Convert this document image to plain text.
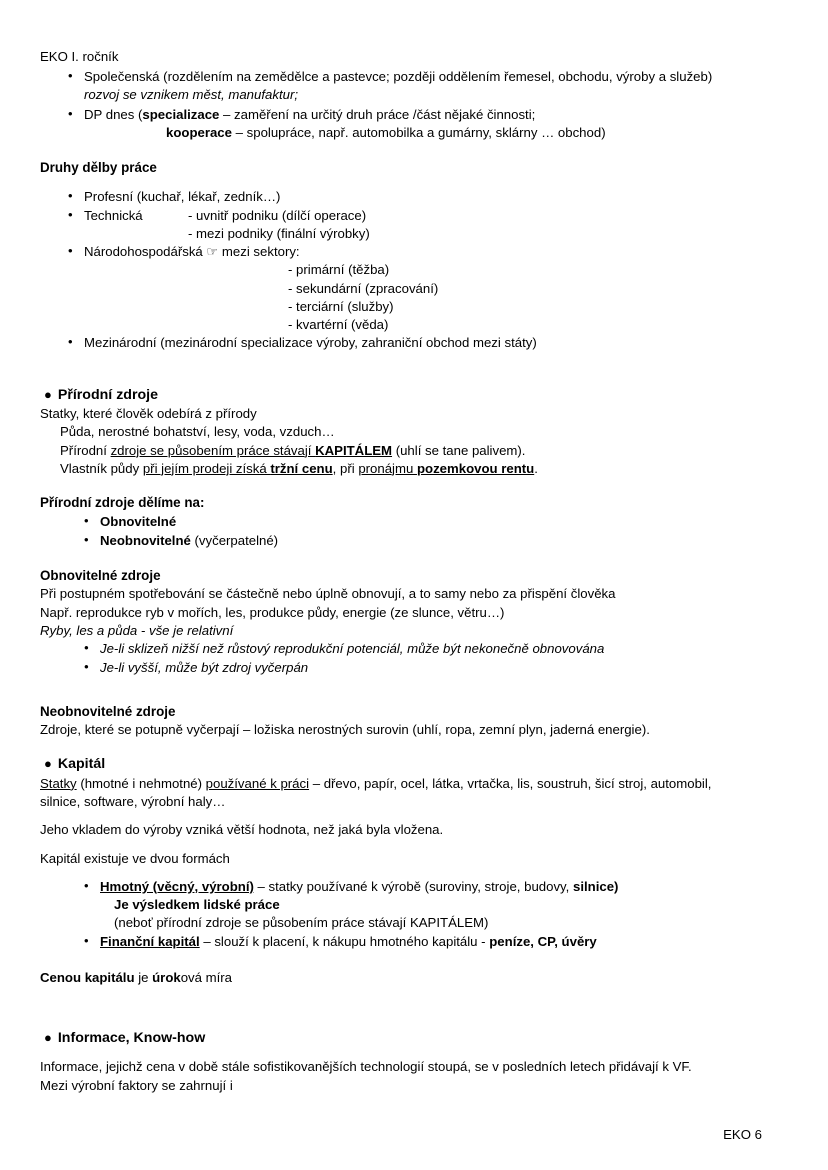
EKO I. ročník
• Společenská (rozdělením na zemědělce a pastevce; později oddělením řemesel, obchodu, výroby a služeb)
rozvoj se vznikem měst, manufaktur;
• DP dnes (specializace – zaměření na určitý druh práce /část nějaké činnosti;
kooperace – spolupráce, např. automobilka a gumárny, sklárny … obchod)
Druhy dělby práce
• Profesní (kuchař, lékař, zedník…)
• Technická	- uvnitř podniku (dílčí operace)
- mezi podniky (finální výrobky)
• Národohospodářská ☞ mezi sektory:
- primární (těžba)
- sekundární (zpracování)
- terciární (služby)
- kvartérní (věda)
• Mezinárodní (mezinárodní specializace výroby, zahraniční obchod mezi státy)
● Přírodní zdroje
Statky, které člověk odebírá z přírody
Půda, nerostné bohatství, lesy, voda, vzduch…
Přírodní zdroje se působením práce stávají KAPITÁLEM (uhlí se tane palivem).
Vlastník půdy při jejím prodeji získá tržní cenu, při pronájmu pozemkovou rentu.
Přírodní zdroje dělíme na:
• Obnovitelné
• Neobnovitelné (vyčerpatelné)
Obnovitelné zdroje
Při postupném spotřebování se částečně nebo úplně obnovují, a to samy nebo za přispění člověka
Např. reprodukce ryb v mořích, les, produkce půdy, energie (ze slunce, větru…)
Ryby, les a půda - vše je relativní
• Je-li sklizeň nižší než růstový reprodukční potenciál, může být nekonečně obnovována
• Je-li vyšší, může být zdroj vyčerpán
Neobnovitelné zdroje
Zdroje, které se potupně vyčerpají – ložiska nerostných surovin (uhlí, ropa, zemní plyn, jaderná energie).
● Kapitál
Statky (hmotné i nehmotné) používané k práci – dřevo, papír, ocel, látka, vrtačka, lis, soustruh, šicí stroj, automobil,
silnice, software, výrobní haly…
Jeho vkladem do výroby vzniká větší hodnota, než jaká byla vložena.
Kapitál existuje ve dvou formách
• Hmotný (věcný, výrobní) – statky používané k výrobě (suroviny, stroje, budovy, silnice)
Je výsledkem lidské práce
(neboť přírodní zdroje se působením práce stávají KAPITÁLEM)
• Finanční kapitál – slouží k placení, k nákupu hmotného kapitálu - peníze, CP, úvěry
Cenou kapitálu je úroková míra
● Informace, Know-how
Informace, jejichž cena v době stále sofistikovanějších technologií stoupá, se v posledních letech přidávají k VF.
Mezi výrobní faktory se zahrnují i
EKO 6
